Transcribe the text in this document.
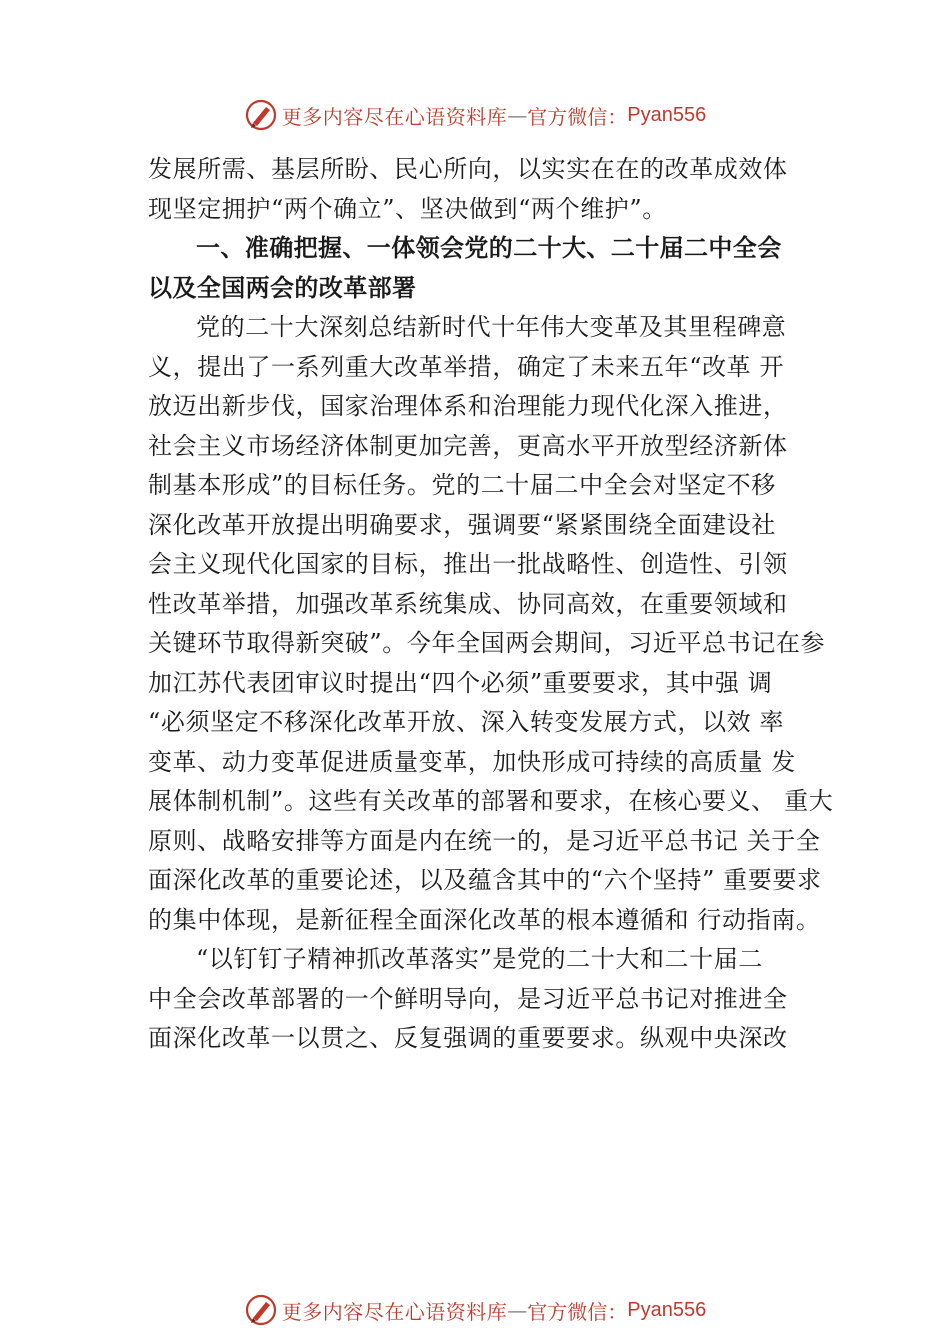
更多内容尽在心语资料库 — 官方微信： Pyan556
发展所需、基层所盼、民心所向，以实实在在的改革成效体
现坚定拥护“两个确立”、坚决做到“两个维护”。
一、准确把握、一体领会党的二十大、二十届二中全会
以及全国两会的改革部署
党的二十大深刻总结新时代十年伟大变革及其里程碑意
义，提出了一系列重大改革举措，确定了未来五年“改革 开
放迈出新步伐，国家治理体系和治理能力现代化深入推进，
社会主义市场经济体制更加完善，更高水平开放型经济新体
制基本形成”的目标任务。党的二十届二中全会对坚定不移
深化改革开放提出明确要求，强调要“紧紧围绕全面建设社
会主义现代化国家的目标，推出一批战略性、创造性、引领
性改革举措，加强改革系统集成、协同高效，在重要领域和
关键环节取得新突破”。今年全国两会期间，习近平总书记在参
加江苏代表团审议时提出“四个必须”重要要求，其中强 调
“必须坚定不移深化改革开放、深入转变发展方式，以效 率
变革、动力变革促进质量变革，加快形成可持续的高质量 发
展体制机制”。这些有关改革的部署和要求，在核心要义、 重大
原则、战略安排等方面是内在统一的，是习近平总书记 关于全
面深化改革的重要论述，以及蕴含其中的“六个坚持” 重要要求
的集中体现，是新征程全面深化改革的根本遵循和 行动指南。
“以钉钉子精神抓改革落实”是党的二十大和二十届二
中全会改革部署的一个鲜明导向，是习近平总书记对推进全
面深化改革一以贯之、反复强调的重要要求。纵观中央深改
更多内容尽在心语资料库 — 官方微信： Pyan556
